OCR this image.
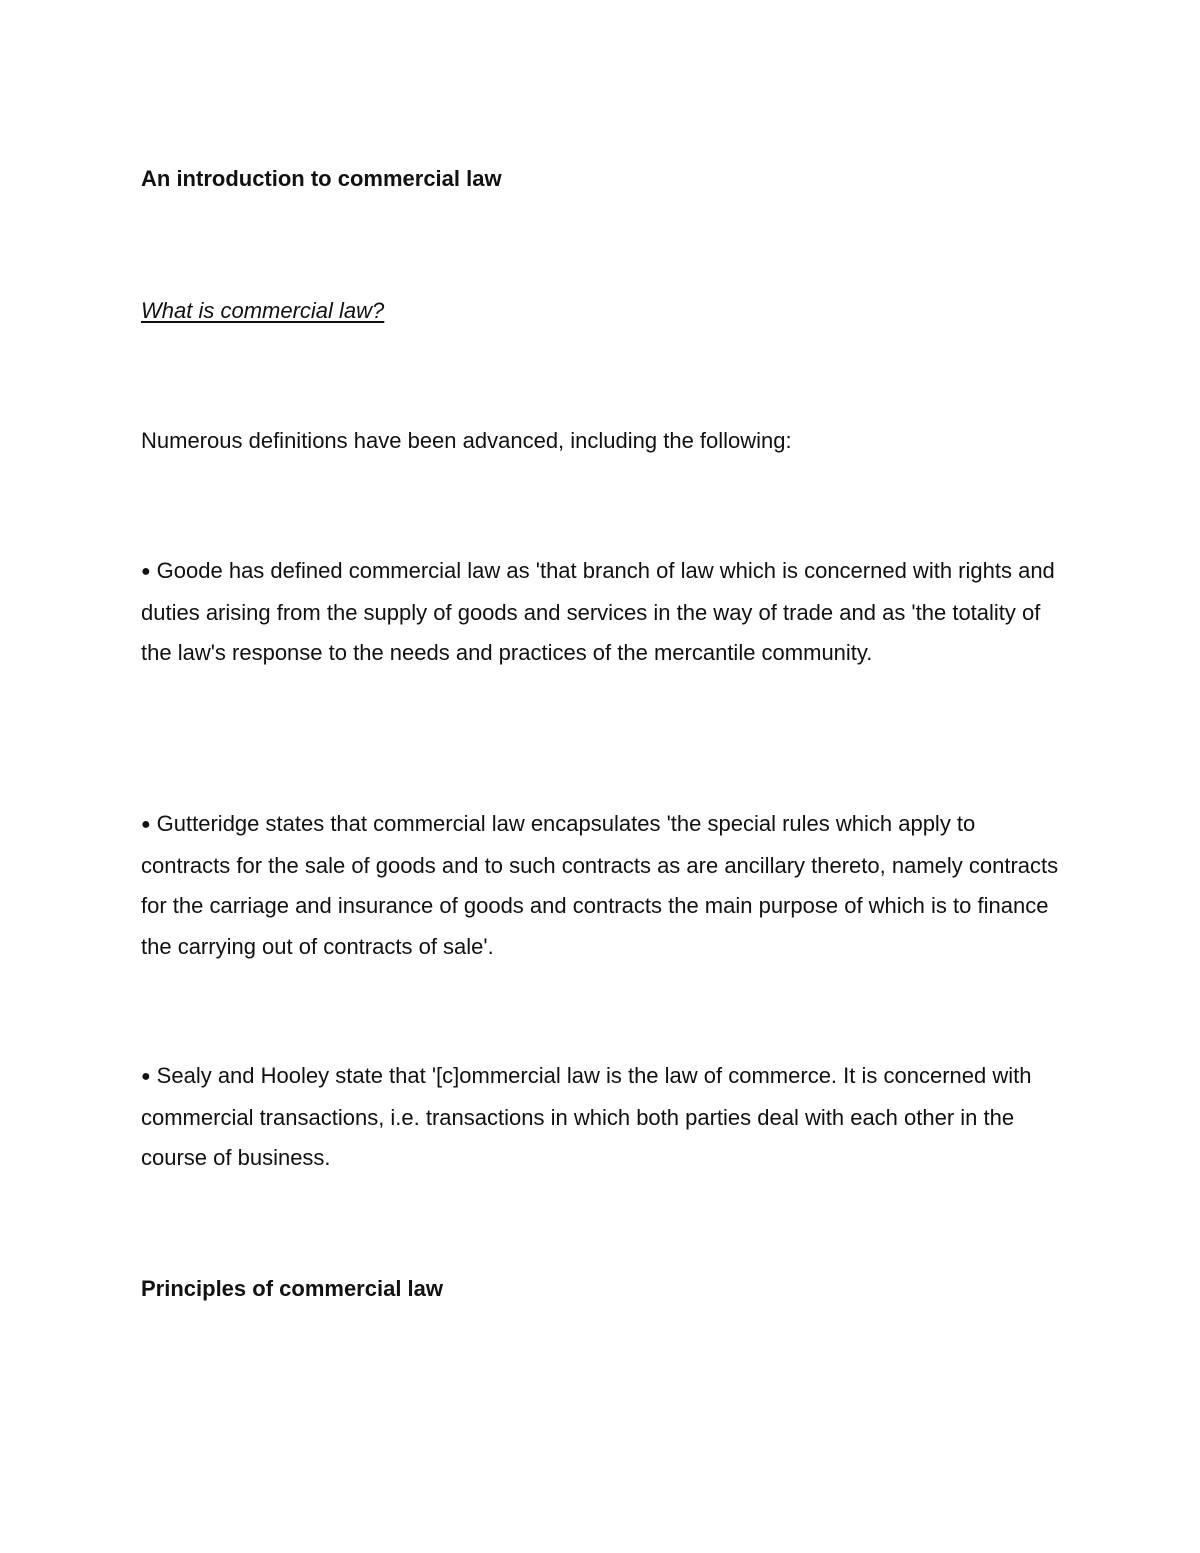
An introduction to commercial law
What is commercial law?

Numerous definitions have been advanced, including the following:

● Goode has defined commercial law as 'that branch of law which is concerned with rights and duties arising from the supply of goods and services in the way of trade and as 'the totality of the law's response to the needs and practices of the mercantile community.

● Gutteridge states that commercial law encapsulates 'the special rules which apply to contracts for the sale of goods and to such contracts as are ancillary thereto, namely contracts for the carriage and insurance of goods and contracts the main purpose of which is to finance the carrying out of contracts of sale'.

● Sealy and Hooley state that '[c]ommercial law is the law of commerce. It is concerned with commercial transactions, i.e. transactions in which both parties deal with each other in the course of business.

Principles of commercial law
